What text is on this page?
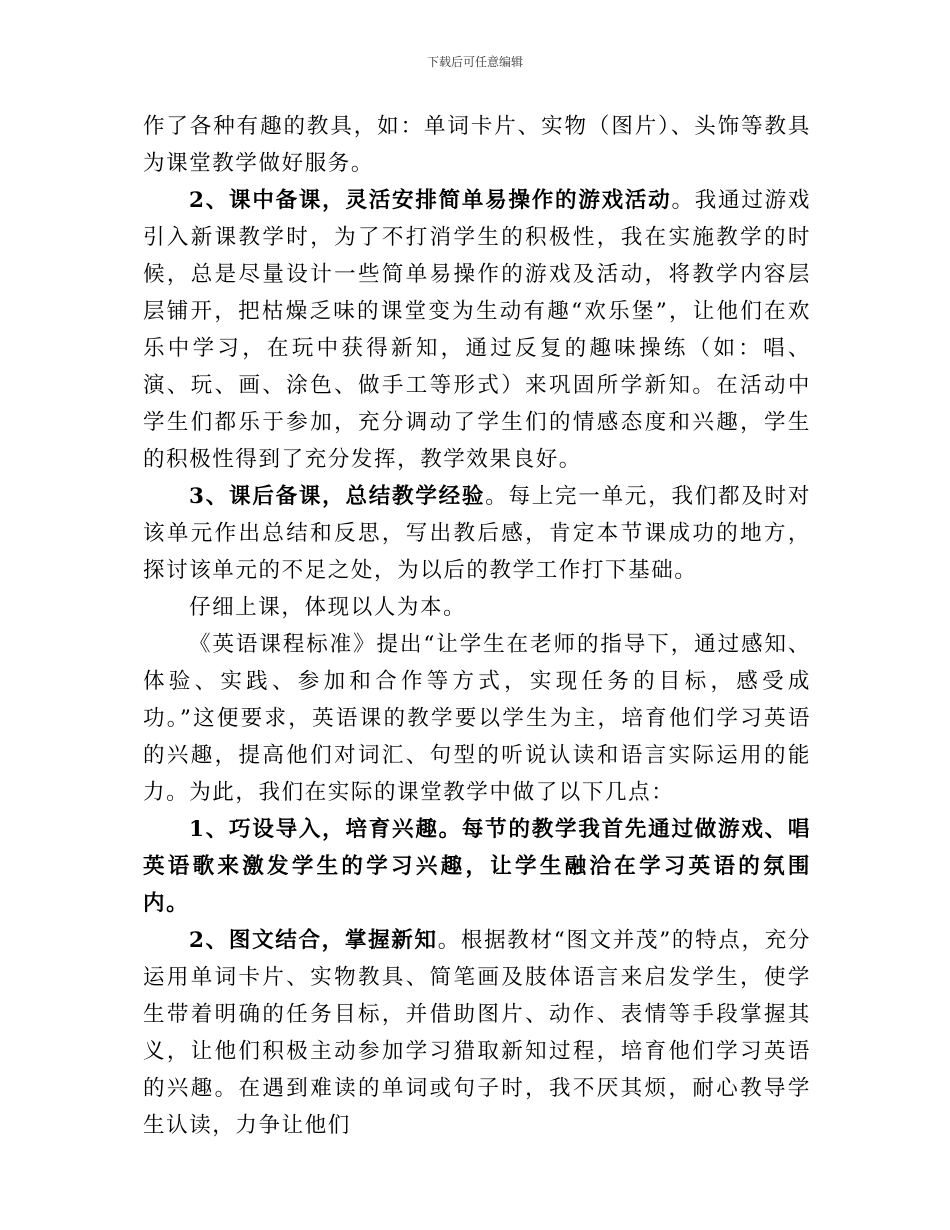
下载后可任意编辑

作了各种有趣的教具，如：单词卡片、实物（图片）、头饰等教具为课堂教学做好服务。

2、课中备课，灵活安排简单易操作的游戏活动。我通过游戏引入新课教学时，为了不打消学生的积极性，我在实施教学的时候，总是尽量设计一些简单易操作的游戏及活动，将教学内容层层铺开，把枯燥乏味的课堂变为生动有趣“欢乐堡”，让他们在欢乐中学习，在玩中获得新知，通过反复的趣味操练（如：唱、演、玩、画、涂色、做手工等形式）来巩固所学新知。在活动中学生们都乐于参加，充分调动了学生们的情感态度和兴趣，学生的积极性得到了充分发挥，教学效果良好。

3、课后备课，总结教学经验。每上完一单元，我们都及时对该单元作出总结和反思，写出教后感，肯定本节课成功的地方，探讨该单元的不足之处，为以后的教学工作打下基础。

仔细上课，体现以人为本。

《英语课程标准》提出“让学生在老师的指导下，通过感知、体验、实践、参加和合作等方式，实现任务的目标，感受成功。”这便要求，英语课的教学要以学生为主，培育他们学习英语的兴趣，提高他们对词汇、句型的听说认读和语言实际运用的能力。为此，我们在实际的课堂教学中做了以下几点：

1、巧设导入，培育兴趣。每节的教学我首先通过做游戏、唱英语歌来激发学生的学习兴趣，让学生融洽在学习英语的氛围内。

2、图文结合，掌握新知。根据教材“图文并茂”的特点，充分运用单词卡片、实物教具、简笔画及肢体语言来启发学生，使学生带着明确的任务目标，并借助图片、动作、表情等手段掌握其义，让他们积极主动参加学习猎取新知过程，培育他们学习英语的兴趣。在遇到难读的单词或句子时，我不厌其烦，耐心教导学生认读，力争让他们
